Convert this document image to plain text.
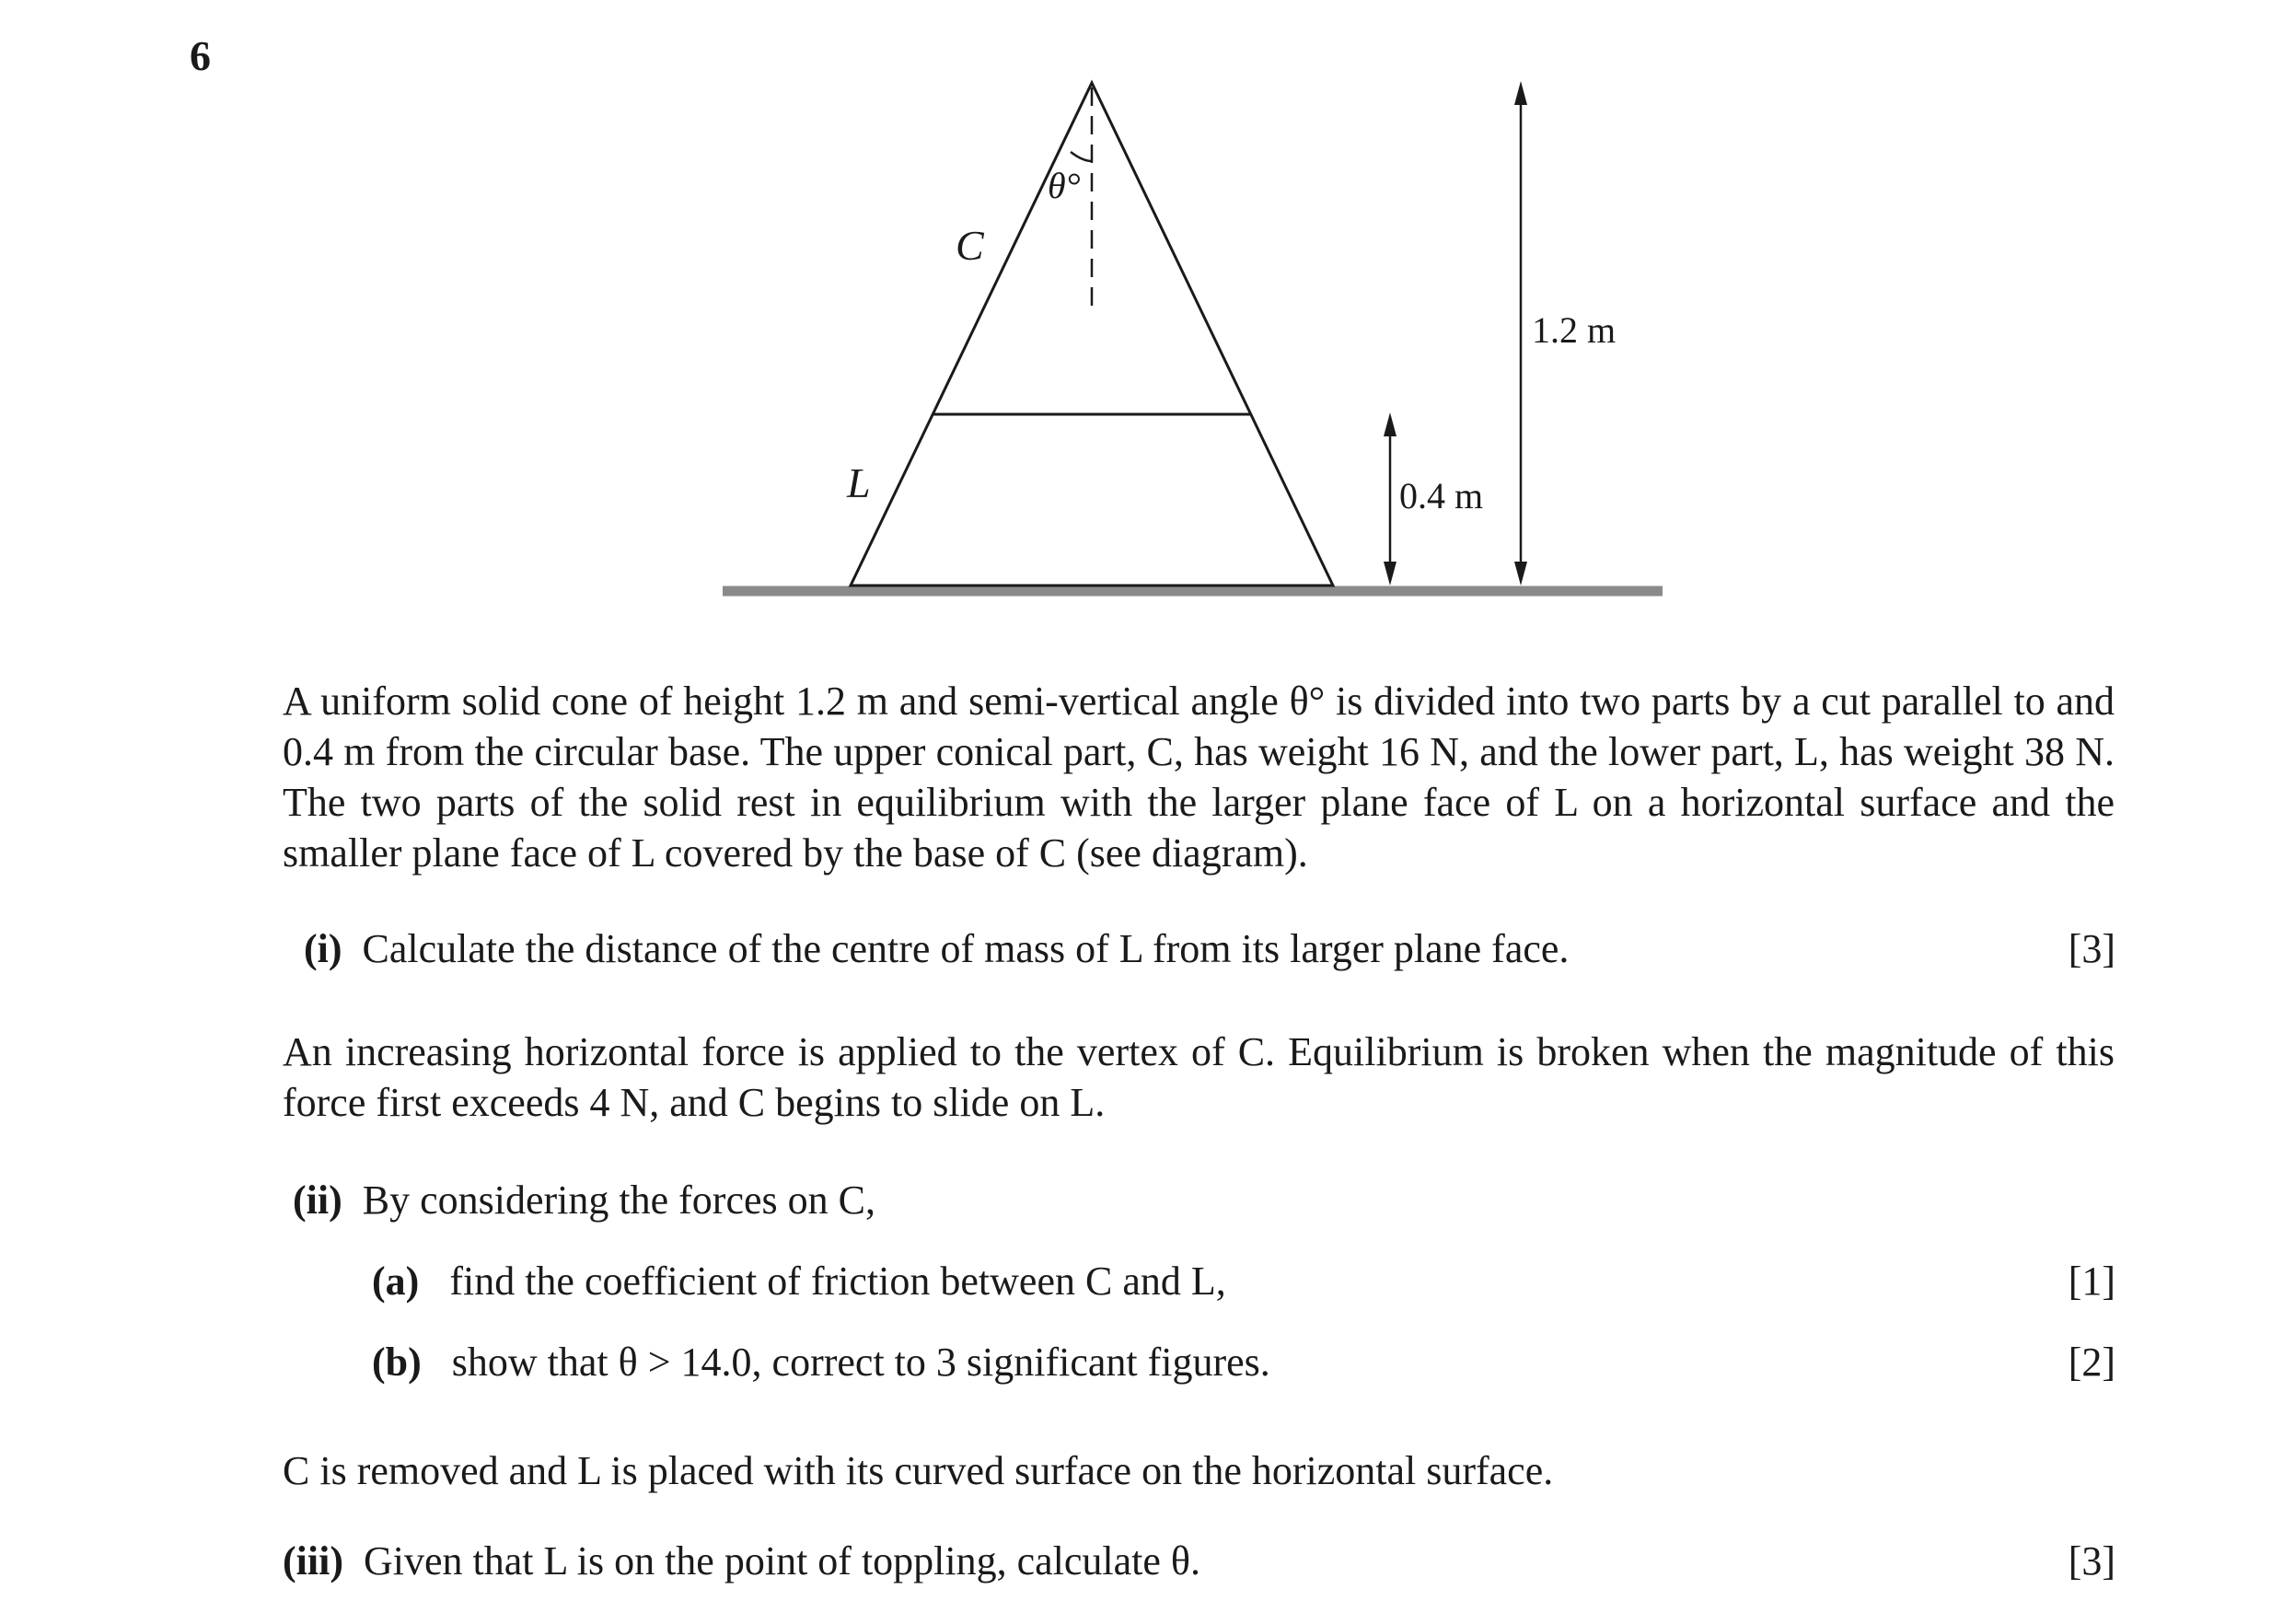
6
θ°
C
L
1.2 m
0.4 m
A uniform solid cone of height 1.2 m and semi-vertical angle θ° is divided into two parts by a cut parallel to and 0.4 m from the circular base. The upper conical part, C, has weight 16 N, and the lower part, L, has weight 38 N. The two parts of the solid rest in equilibrium with the larger plane face of L on a horizontal surface and the smaller plane face of L covered by the base of C (see diagram).
(i) Calculate the distance of the centre of mass of L from its larger plane face.	[3]
An increasing horizontal force is applied to the vertex of C. Equilibrium is broken when the magnitude of this force first exceeds 4 N, and C begins to slide on L.
(ii) By considering the forces on C,
(a) find the coefficient of friction between C and L,	[1]
(b) show that θ > 14.0, correct to 3 significant figures.	[2]
C is removed and L is placed with its curved surface on the horizontal surface.
(iii) Given that L is on the point of toppling, calculate θ.	[3]
